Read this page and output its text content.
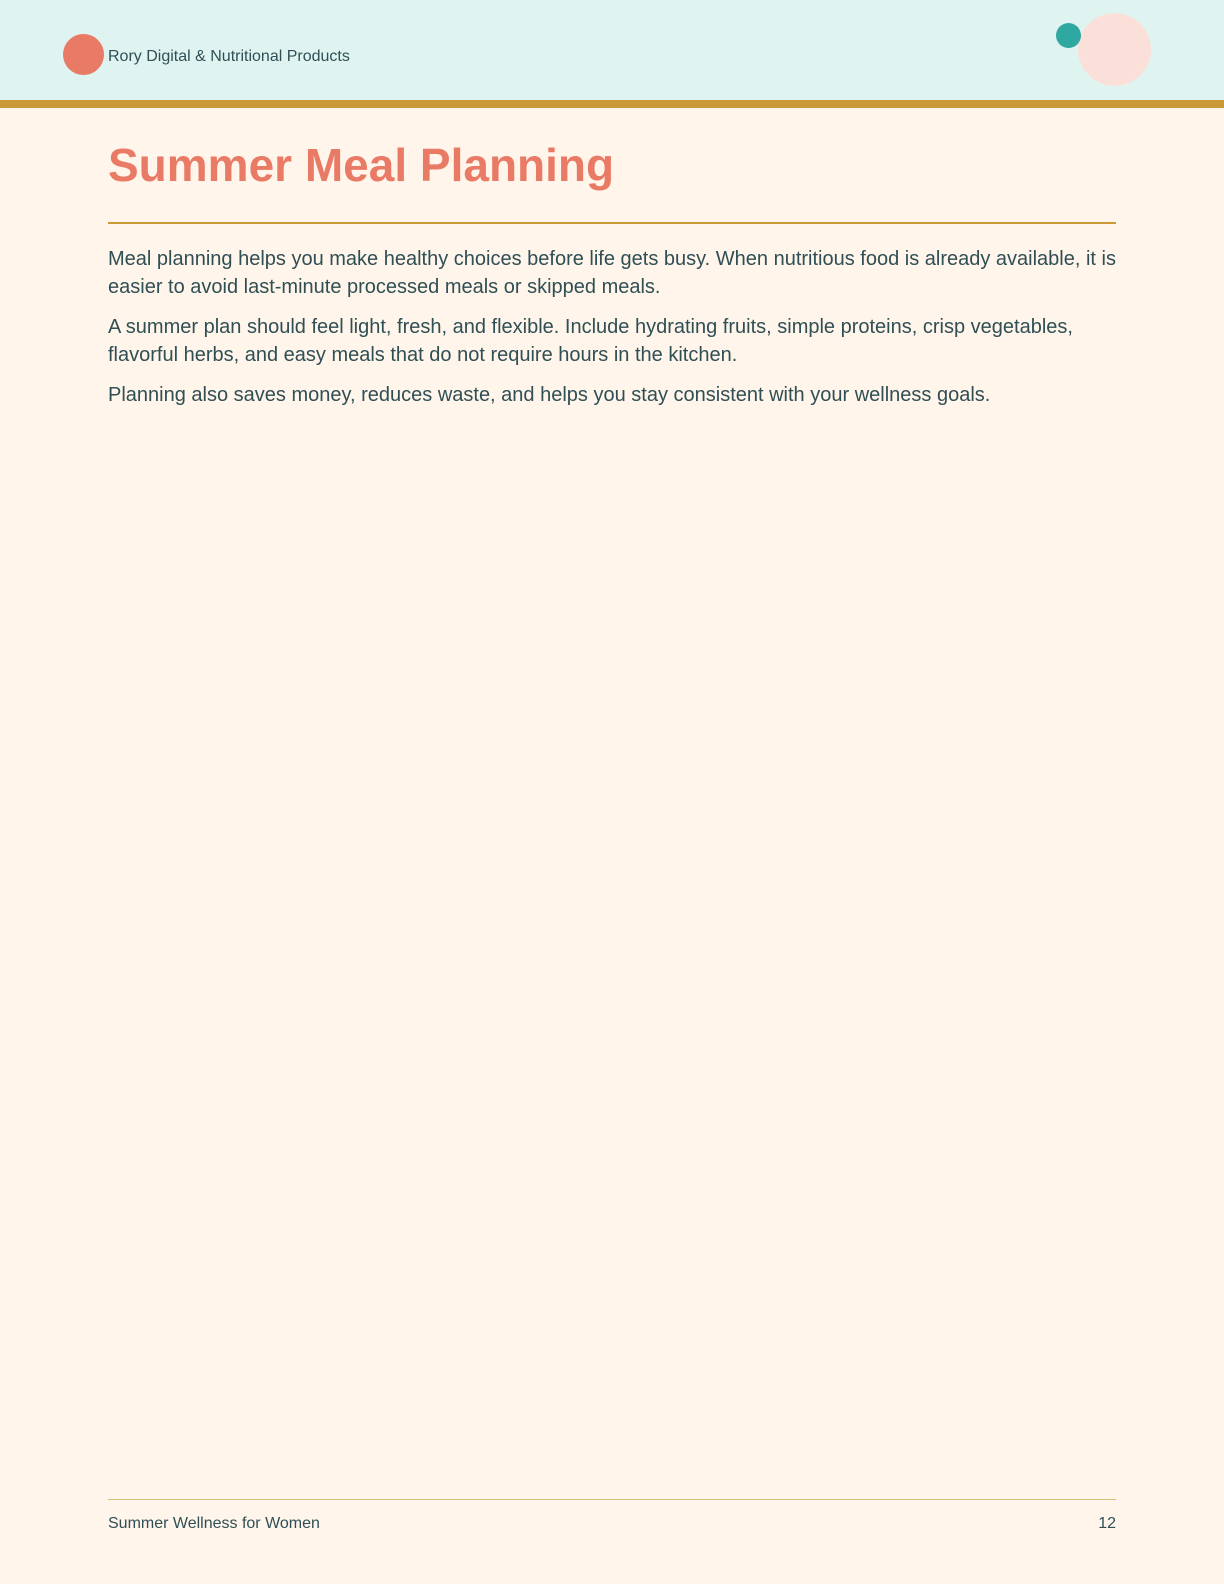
Rory Digital & Nutritional Products
Summer Meal Planning

Meal planning helps you make healthy choices before life gets busy. When nutritious food is already available, it is easier to avoid last-minute processed meals or skipped meals.

A summer plan should feel light, fresh, and flexible. Include hydrating fruits, simple proteins, crisp vegetables, flavorful herbs, and easy meals that do not require hours in the kitchen.

Planning also saves money, reduces waste, and helps you stay consistent with your wellness goals.

Summer Wellness for Women	12
